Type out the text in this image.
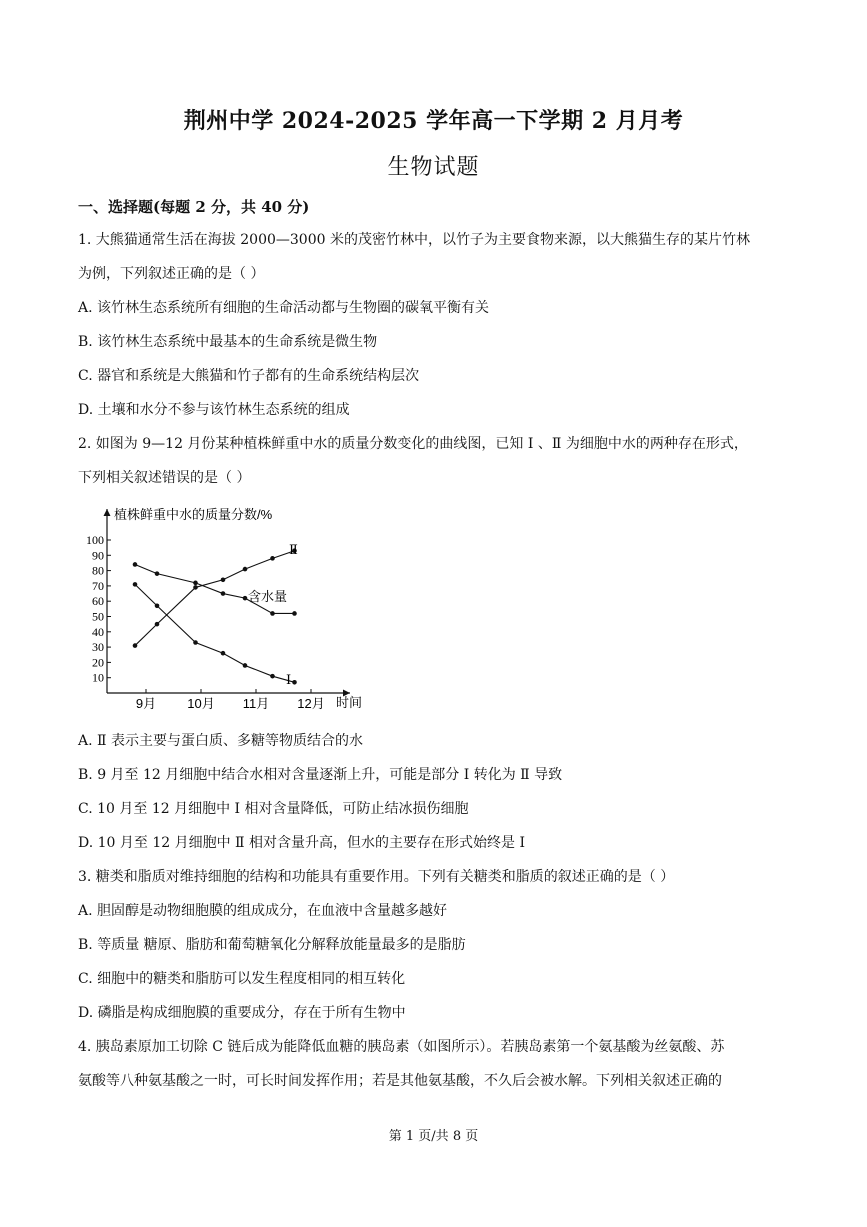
荆州中学 2024-2025 学年高一下学期 2 月月考
生物试题
一、选择题(每题 2 分，共 40 分)
1. 大熊猫通常生活在海拔 2000—3000 米的茂密竹林中，以竹子为主要食物来源，以大熊猫生存的某片竹林
为例，下列叙述正确的是（ ）
A. 该竹林生态系统所有细胞的生命活动都与生物圈的碳氧平衡有关
B. 该竹林生态系统中最基本的生命系统是微生物
C. 器官和系统是大熊猫和竹子都有的生命系统结构层次
D. 土壤和水分不参与该竹林生态系统的组成
2. 如图为 9—12 月份某种植株鲜重中水的质量分数变化的曲线图，已知 Ⅰ 、Ⅱ 为细胞中水的两种存在形式，
下列相关叙述错误的是（ ）
植株鲜重中水的质量分数/%
时间
10
20
30
40
50
60
70
80
90
100
9月 10月 11月 12月
含水量
Ⅱ
Ⅰ
A. Ⅱ 表示主要与蛋白质、多糖等物质结合的水
B. 9 月至 12 月细胞中结合水相对含量逐渐上升，可能是部分 Ⅰ 转化为 Ⅱ 导致
C. 10 月至 12 月细胞中 Ⅰ 相对含量降低，可防止结冰损伤细胞
D. 10 月至 12 月细胞中 Ⅱ 相对含量升高，但水的主要存在形式始终是 Ⅰ
3. 糖类和脂质对维持细胞的结构和功能具有重要作用。下列有关糖类和脂质的叙述正确的是（ ）
A. 胆固醇是动物细胞膜的组成成分，在血液中含量越多越好
B. 等质量 糖原、脂肪和葡萄糖氧化分解释放能量最多的是脂肪
C. 细胞中的糖类和脂肪可以发生程度相同的相互转化
D. 磷脂是构成细胞膜的重要成分，存在于所有生物中
4. 胰岛素原加工切除 C 链后成为能降低血糖的胰岛素（如图所示）。若胰岛素第一个氨基酸为丝氨酸、苏
氨酸等八种氨基酸之一时，可长时间发挥作用；若是其他氨基酸，不久后会被水解。下列相关叙述正确的
第 1 页/共 8 页
